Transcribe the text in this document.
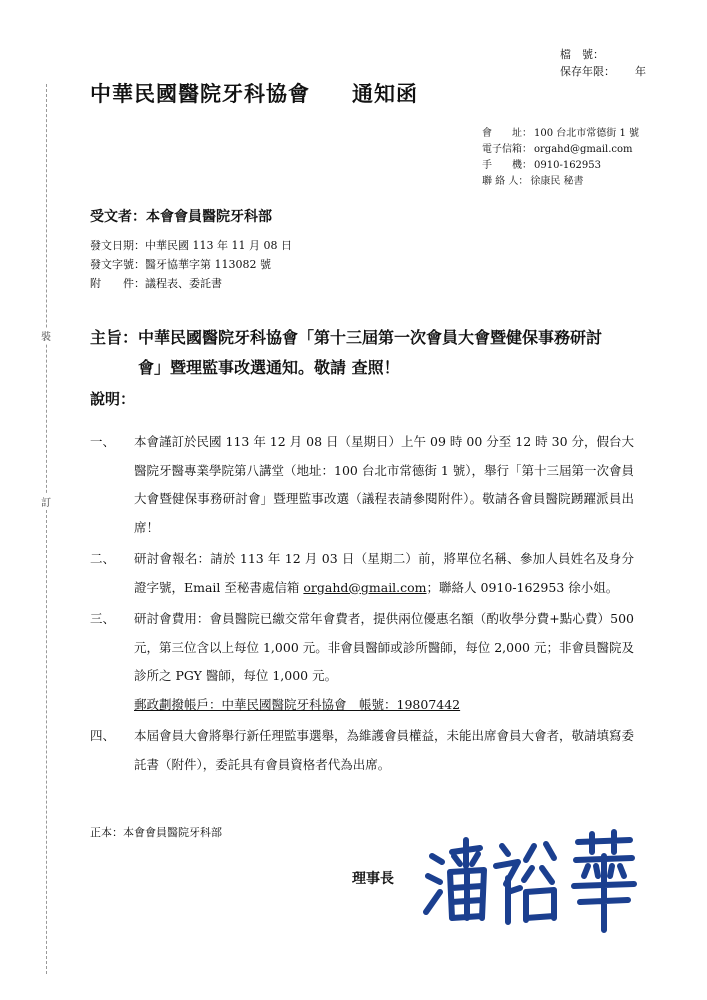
檔　號：
保存年限： 年
中華民國醫院牙科協會 通知函
會　　址： 100 台北市常德街 1 號
電子信箱： orgahd@gmail.com
手　　機： 0910-162953
聯 絡 人： 徐康民 秘書
裝
訂
受文者：本會會員醫院牙科部
發文日期： 中華民國 113 年 11 月 08 日
發文字號： 醫牙協華字第 113082 號
附　　件： 議程表、委託書
主旨：中華民國醫院牙科協會「第十三屆第一次會員大會暨健保事務研討
會」暨理監事改選通知。敬請 查照！
說明：
一、	本會謹訂於民國 113 年 12 月 08 日（星期日）上午 09 時 00 分至 12 時 30 分，假台大醫院牙醫專業學院第八講堂（地址：100 台北市常德街 1 號），舉行「第十三屆第一次會員大會暨健保事務研討會」暨理監事改選（議程表請參閱附件）。敬請各會員醫院踴躍派員出席！
二、	研討會報名：請於 113 年 12 月 03 日（星期二）前，將單位名稱、參加人員姓名及身分證字號，Email 至秘書處信箱 orgahd@gmail.com；聯絡人 0910-162953 徐小姐。
三、	研討會費用：會員醫院已繳交常年會費者，提供兩位優惠名額（酌收學分費+點心費）500 元，第三位含以上每位 1,000 元。非會員醫師或診所醫師，每位 2,000 元；非會員醫院及診所之 PGY 醫師，每位 1,000 元。
郵政劃撥帳戶：中華民國醫院牙科協會　帳號：19807442
四、	本屆會員大會將舉行新任理監事選舉，為維護會員權益，未能出席會員大會者，敬請填寫委託書（附件），委託具有會員資格者代為出席。
正本：本會會員醫院牙科部
理事長
